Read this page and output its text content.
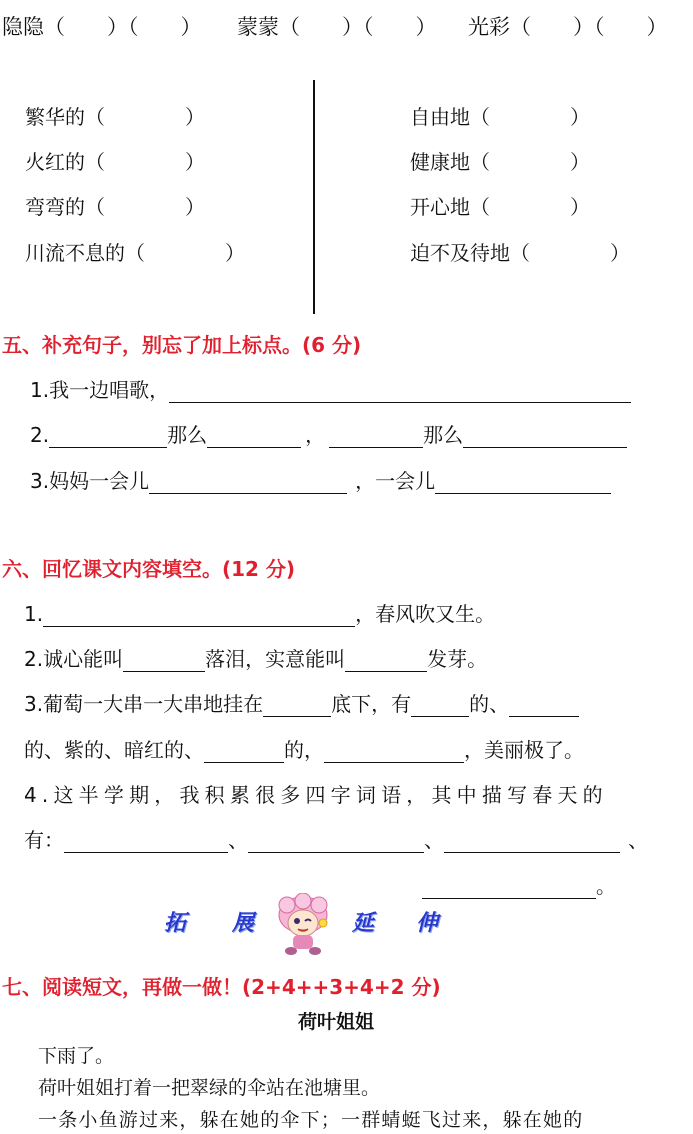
隐隐（　　）（　　） 蒙蒙（　　）（　　） 光彩（　　）（　　）
繁华的（　　　　）
火红的（　　　　）
弯弯的（　　　　）
川流不息的（　　　　）
自由地（　　　　）
健康地（　　　　）
开心地（　　　　）
迫不及待地（　　　　）
五、补充句子，别忘了加上标点。(6 分)
1.我一边唱歌，
2.	那么	，	那么
3.妈妈一会儿	，一会儿
六、回忆课文内容填空。(12 分)
1.	，春风吹又生。
2.诚心能叫	落泪，实意能叫	发芽。
3.葡萄一大串一大串地挂在	底下，有	的、
的、紫的、暗红的、	的，	，美丽极了。
4.这半学期，我积累很多四字词语，其中描写春天的
有：	、	、	、
。
拓 展	延 伸
七、阅读短文，再做一做！(2+4++3+4+2 分)
荷叶姐姐
下雨了。
荷叶姐姐打着一把翠绿的伞站在池塘里。
一条小鱼游过来，躲在她的伞下；一群蜻蜓飞过来，躲在她的
